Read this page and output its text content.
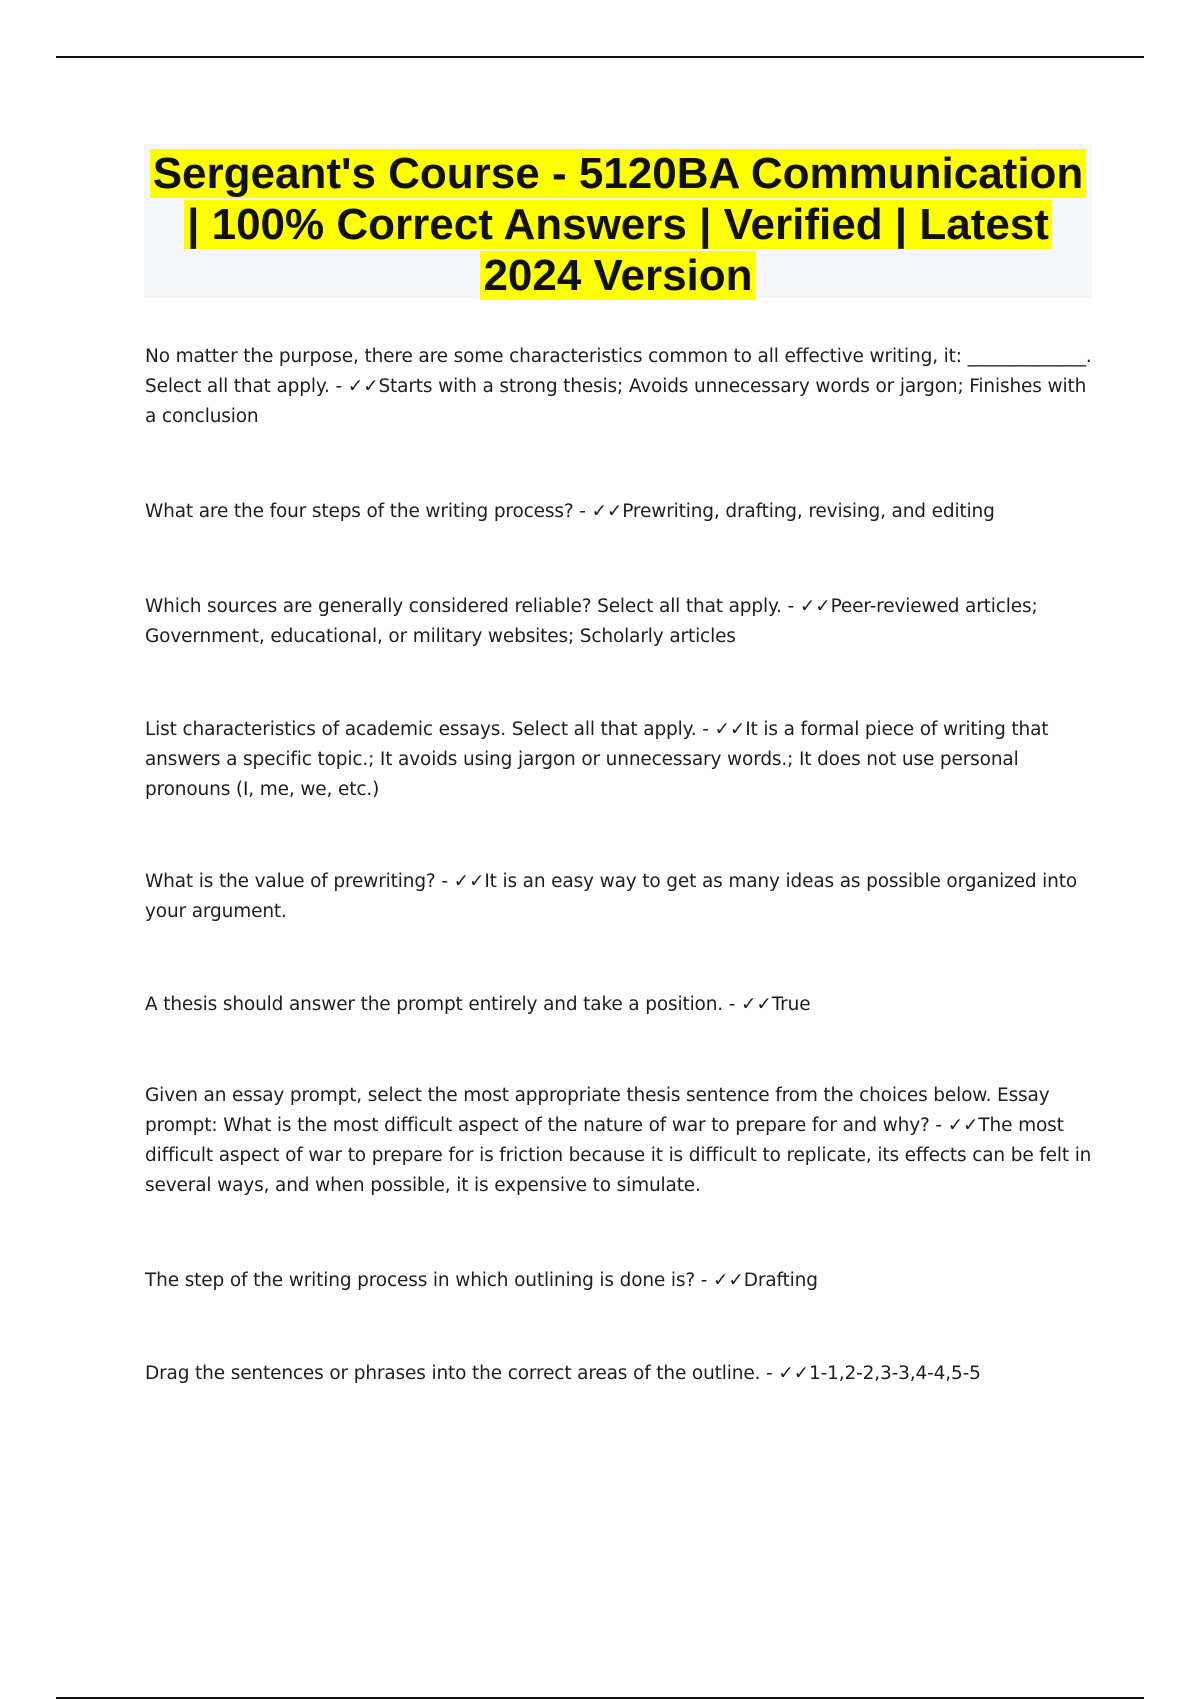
Sergeant's Course - 5120BA Communication | 100% Correct Answers | Verified | Latest 2024 Version

No matter the purpose, there are some characteristics common to all effective writing, it: _____________. Select all that apply. - ✓✓Starts with a strong thesis; Avoids unnecessary words or jargon; Finishes with a conclusion

What are the four steps of the writing process? - ✓✓Prewriting, drafting, revising, and editing

Which sources are generally considered reliable? Select all that apply. - ✓✓Peer-reviewed articles; Government, educational, or military websites; Scholarly articles

List characteristics of academic essays. Select all that apply. - ✓✓It is a formal piece of writing that answers a specific topic.; It avoids using jargon or unnecessary words.; It does not use personal pronouns (I, me, we, etc.)

What is the value of prewriting? - ✓✓It is an easy way to get as many ideas as possible organized into your argument.

A thesis should answer the prompt entirely and take a position. - ✓✓True

Given an essay prompt, select the most appropriate thesis sentence from the choices below. Essay prompt: What is the most difficult aspect of the nature of war to prepare for and why? - ✓✓The most difficult aspect of war to prepare for is friction because it is difficult to replicate, its effects can be felt in several ways, and when possible, it is expensive to simulate.

The step of the writing process in which outlining is done is? - ✓✓Drafting

Drag the sentences or phrases into the correct areas of the outline. - ✓✓1-1,2-2,3-3,4-4,5-5
